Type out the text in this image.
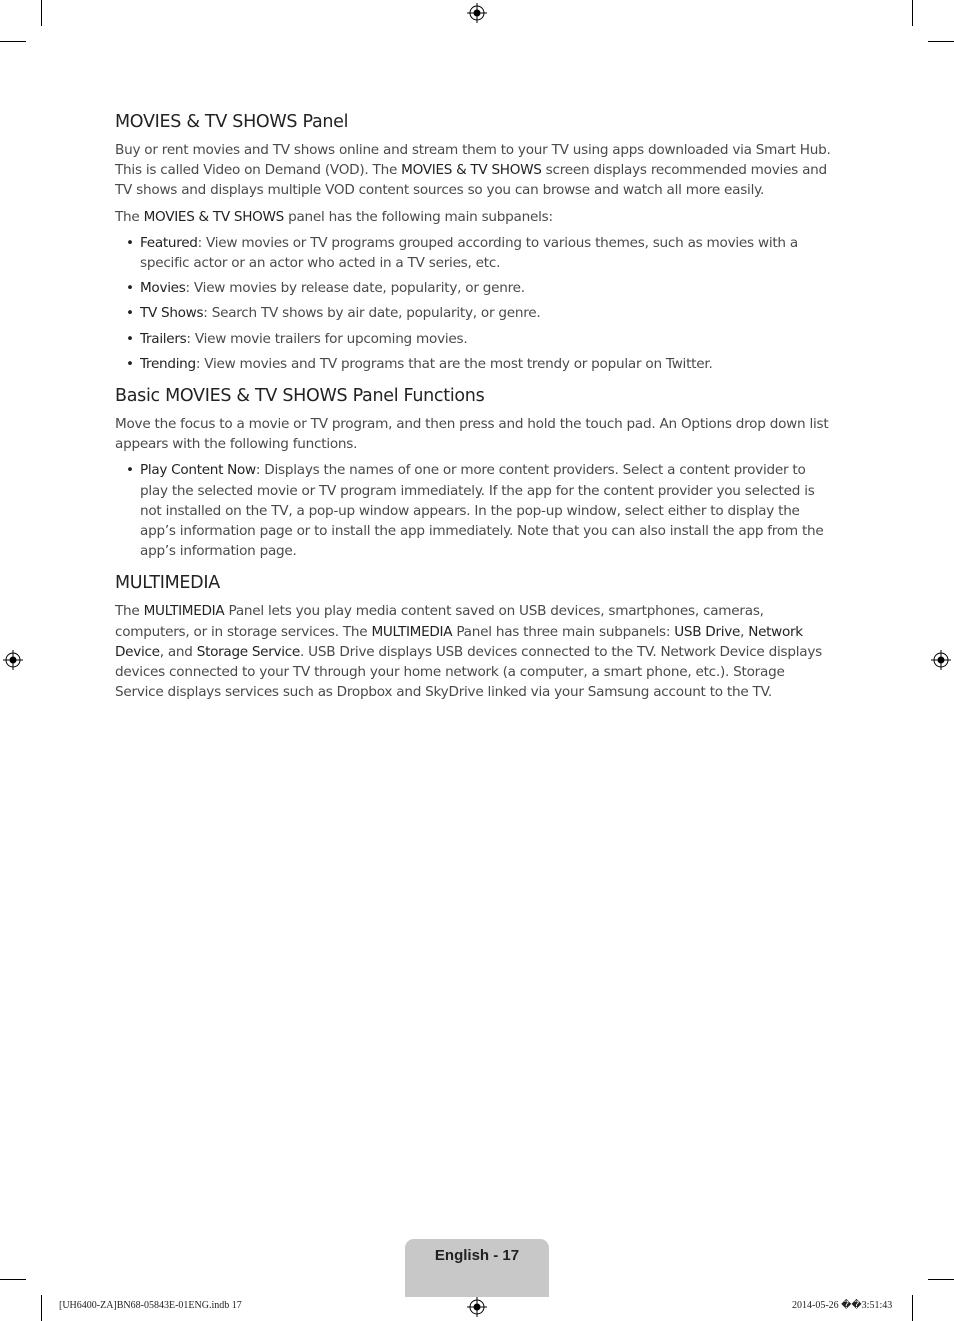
MOVIES & TV SHOWS Panel

Buy or rent movies and TV shows online and stream them to your TV using apps downloaded via Smart Hub. This is called Video on Demand (VOD). The MOVIES & TV SHOWS screen displays recommended movies and TV shows and displays multiple VOD content sources so you can browse and watch all more easily.

The MOVIES & TV SHOWS panel has the following main subpanels:

• Featured: View movies or TV programs grouped according to various themes, such as movies with a specific actor or an actor who acted in a TV series, etc.
• Movies: View movies by release date, popularity, or genre.
• TV Shows: Search TV shows by air date, popularity, or genre.
• Trailers: View movie trailers for upcoming movies.
• Trending: View movies and TV programs that are the most trendy or popular on Twitter.
Basic MOVIES & TV SHOWS Panel Functions

Move the focus to a movie or TV program, and then press and hold the touch pad. An Options drop down list appears with the following functions.

• Play Content Now: Displays the names of one or more content providers. Select a content provider to play the selected movie or TV program immediately. If the app for the content provider you selected is not installed on the TV, a pop-up window appears. In the pop-up window, select either to display the app’s information page or to install the app immediately. Note that you can also install the app from the app’s information page.
MULTIMEDIA

The MULTIMEDIA Panel lets you play media content saved on USB devices, smartphones, cameras, computers, or in storage services. The MULTIMEDIA Panel has three main subpanels: USB Drive, Network Device, and Storage Service. USB Drive displays USB devices connected to the TV. Network Device displays devices connected to your TV through your home network (a computer, a smart phone, etc.). Storage Service displays services such as Dropbox and SkyDrive linked via your Samsung account to the TV.

English - 17
[UH6400-ZA]BN68-05843E-01ENG.indb 17	2014-05-26 ��3:51:43
